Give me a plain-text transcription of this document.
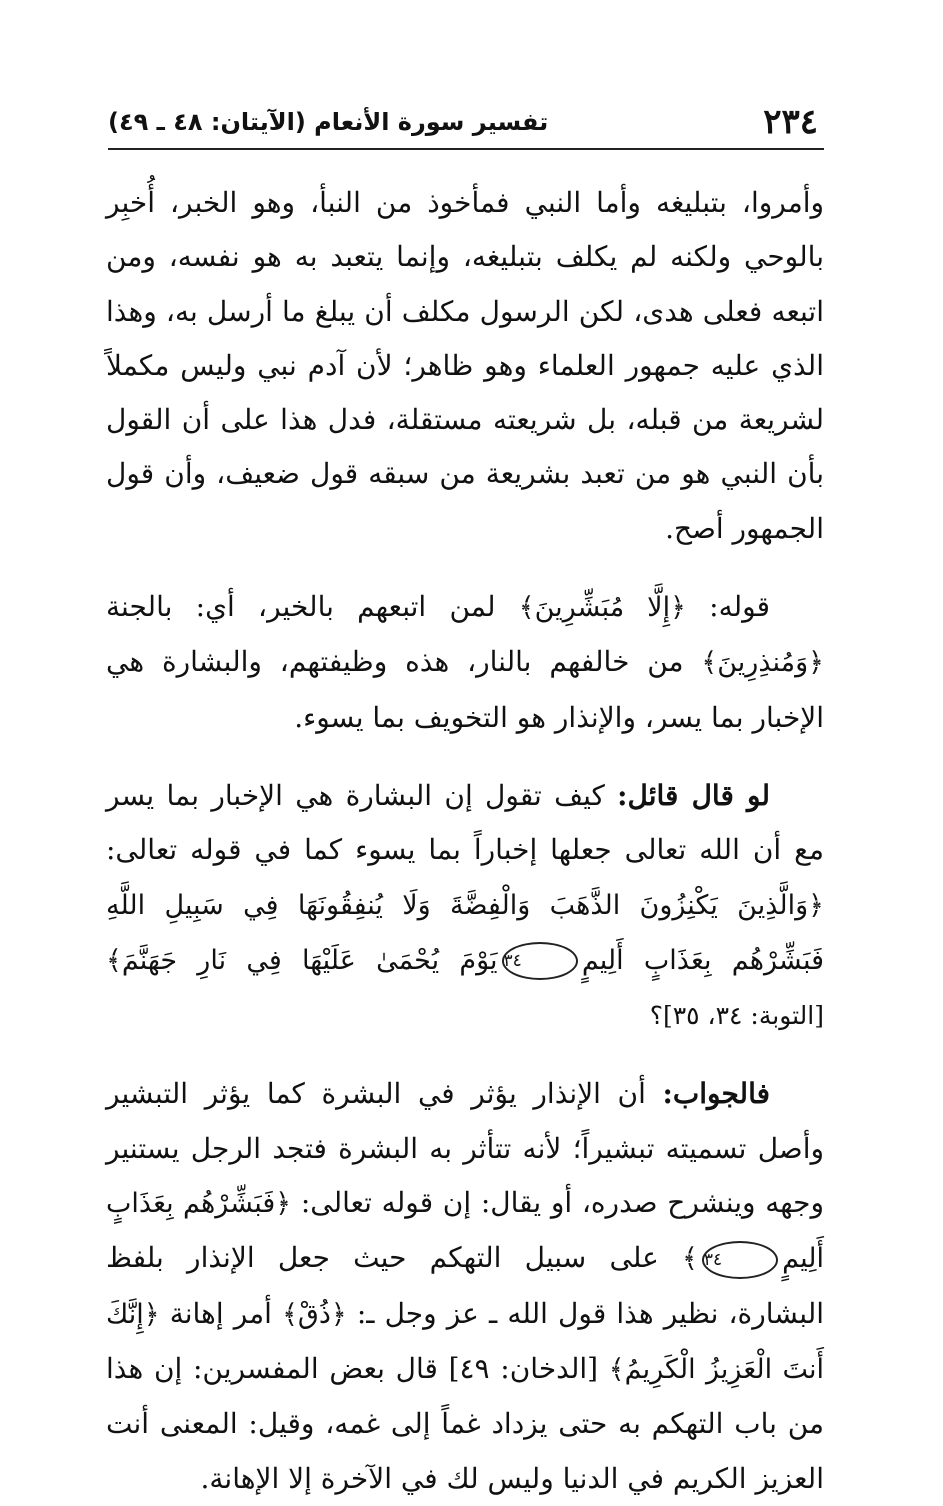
٢٣٤
تفسير سورة الأنعام (الآيتان: ٤٨ ـ ٤٩)

وأمروا، بتبليغه وأما النبي فمأخوذ من النبأ، وهو الخبر، أُخبِر بالوحي ولكنه لم يكلف بتبليغه، وإنما يتعبد به هو نفسه، ومن اتبعه فعلى هدى، لكن الرسول مكلف أن يبلغ ما أرسل به، وهذا الذي عليه جمهور العلماء وهو ظاهر؛ لأن آدم نبي وليس مكملاً لشريعة من قبله، بل شريعته مستقلة، فدل هذا على أن القول بأن النبي هو من تعبد بشريعة من سبقه قول ضعيف، وأن قول الجمهور أصح.

قوله: ﴿إِلَّا مُبَشِّرِينَ﴾ لمن اتبعهم بالخير، أي: بالجنة ﴿وَمُنذِرِينَ﴾ من خالفهم بالنار، هذه وظيفتهم، والبشارة هي الإخبار بما يسر، والإنذار هو التخويف بما يسوء.

لو قال قائل: كيف تقول إن البشارة هي الإخبار بما يسر مع أن الله تعالى جعلها إخباراً بما يسوء كما في قوله تعالى: ﴿وَالَّذِينَ يَكْنِزُونَ الذَّهَبَ وَالْفِضَّةَ وَلَا يُنفِقُونَهَا فِي سَبِيلِ اللَّهِ فَبَشِّرْهُم بِعَذَابٍ أَلِيمٍ٣٤يَوْمَ يُحْمَىٰ عَلَيْهَا فِي نَارِ جَهَنَّمَ﴾ [التوبة: ٣٤، ٣٥]؟

فالجواب: أن الإنذار يؤثر في البشرة كما يؤثر التبشير وأصل تسميته تبشيراً؛ لأنه تتأثر به البشرة فتجد الرجل يستنير وجهه وينشرح صدره، أو يقال: إن قوله تعالى: ﴿فَبَشِّرْهُم بِعَذَابٍ أَلِيمٍ٣٤﴾ على سبيل التهكم حيث جعل الإنذار بلفظ البشارة، نظير هذا قول الله ـ عز وجل ـ: ﴿ذُقْ﴾ أمر إهانة ﴿إِنَّكَ أَنتَ الْعَزِيزُ الْكَرِيمُ﴾ [الدخان: ٤٩] قال بعض المفسرين: إن هذا من باب التهكم به حتى يزداد غماً إلى غمه، وقيل: المعنى أنت العزيز الكريم في الدنيا وليس لك في الآخرة إلا الإهانة.
